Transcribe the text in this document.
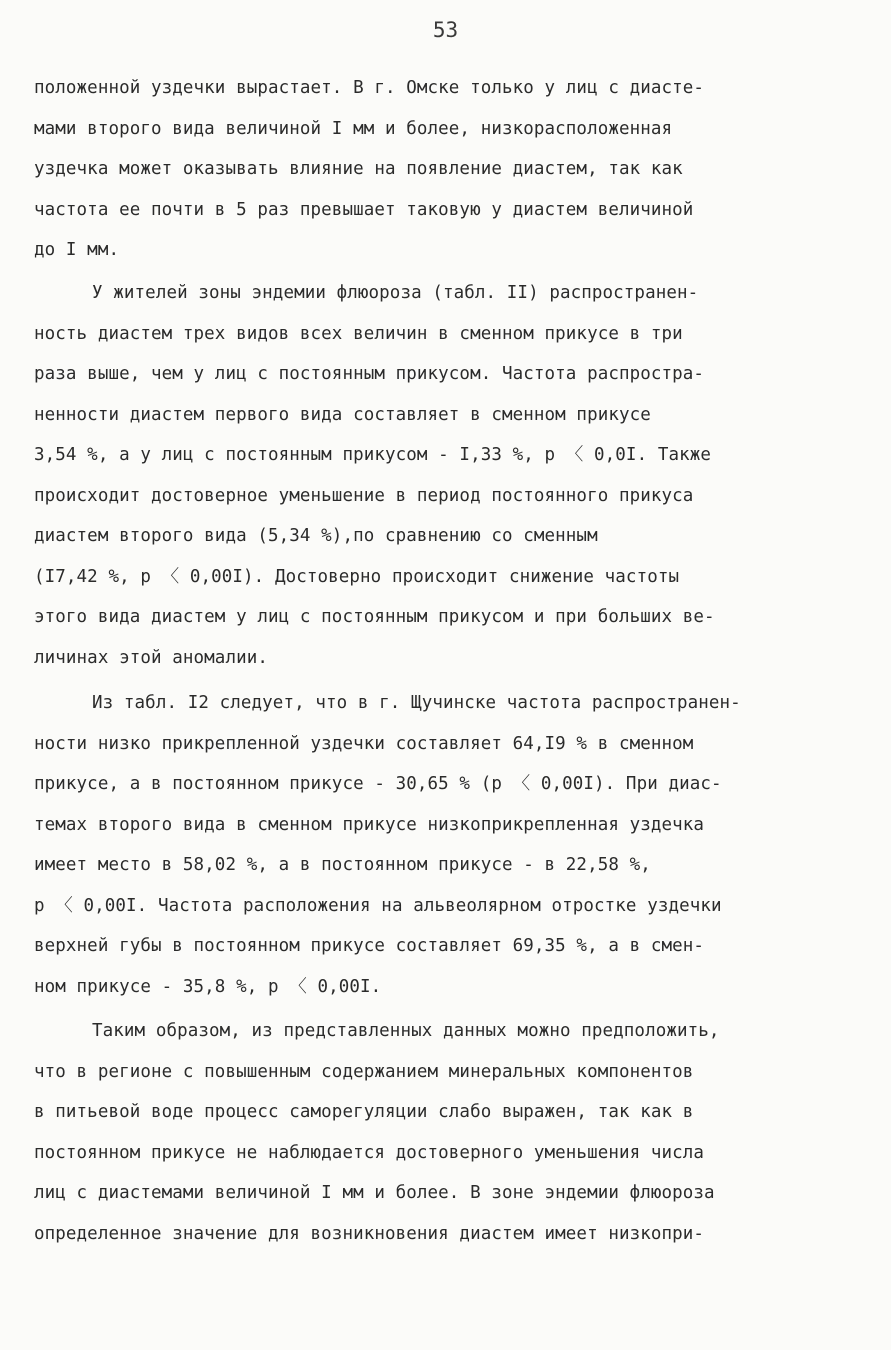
53
положенной уздечки вырастает. В г. Омске только у лиц с диасте-
мами второго вида величиной I мм и более, низкорасположенная
уздечка может оказывать влияние на появление диастем, так как
частота ее почти в 5 раз превышает таковую у диастем величиной
до I мм.
У жителей зоны эндемии флюороза (табл. II) распространен-
ность диастем трех видов всех величин в сменном прикусе в три
раза выше, чем у лиц с постоянным прикусом. Частота распростра-
ненности диастем первого вида составляет в сменном прикусе
3,54 %, а у лиц с постоянным прикусом - I,33 %, p 〈 0,0I. Также
происходит достоверное уменьшение в период постоянного прикуса
диастем второго вида (5,34 %),по сравнению со сменным
(I7,42 %, p 〈 0,00I). Достоверно происходит снижение частоты
этого вида диастем у лиц с постоянным прикусом и при больших ве-
личинах этой аномалии.
Из табл. I2 следует, что в г. Щучинске частота распространен-
ности низко прикрепленной уздечки составляет 64,I9 % в сменном
прикусе, а в постоянном прикусе - 30,65 % (p 〈 0,00I). При диас-
темах второго вида в сменном прикусе низкоприкрепленная уздечка
имеет место в 58,02 %, а в постоянном прикусе - в 22,58 %,
p 〈 0,00I. Частота расположения на альвеолярном отростке уздечки
верхней губы в постоянном прикусе составляет 69,35 %, а в смен-
ном прикусе - 35,8 %, p 〈 0,00I.
Таким образом, из представленных данных можно предположить,
что в регионе с повышенным содержанием минеральных компонентов
в питьевой воде процесс саморегуляции слабо выражен, так как в
постоянном прикусе не наблюдается достоверного уменьшения числа
лиц с диастемами величиной I мм и более. В зоне эндемии флюороза
определенное значение для возникновения диастем имеет низкопри-
